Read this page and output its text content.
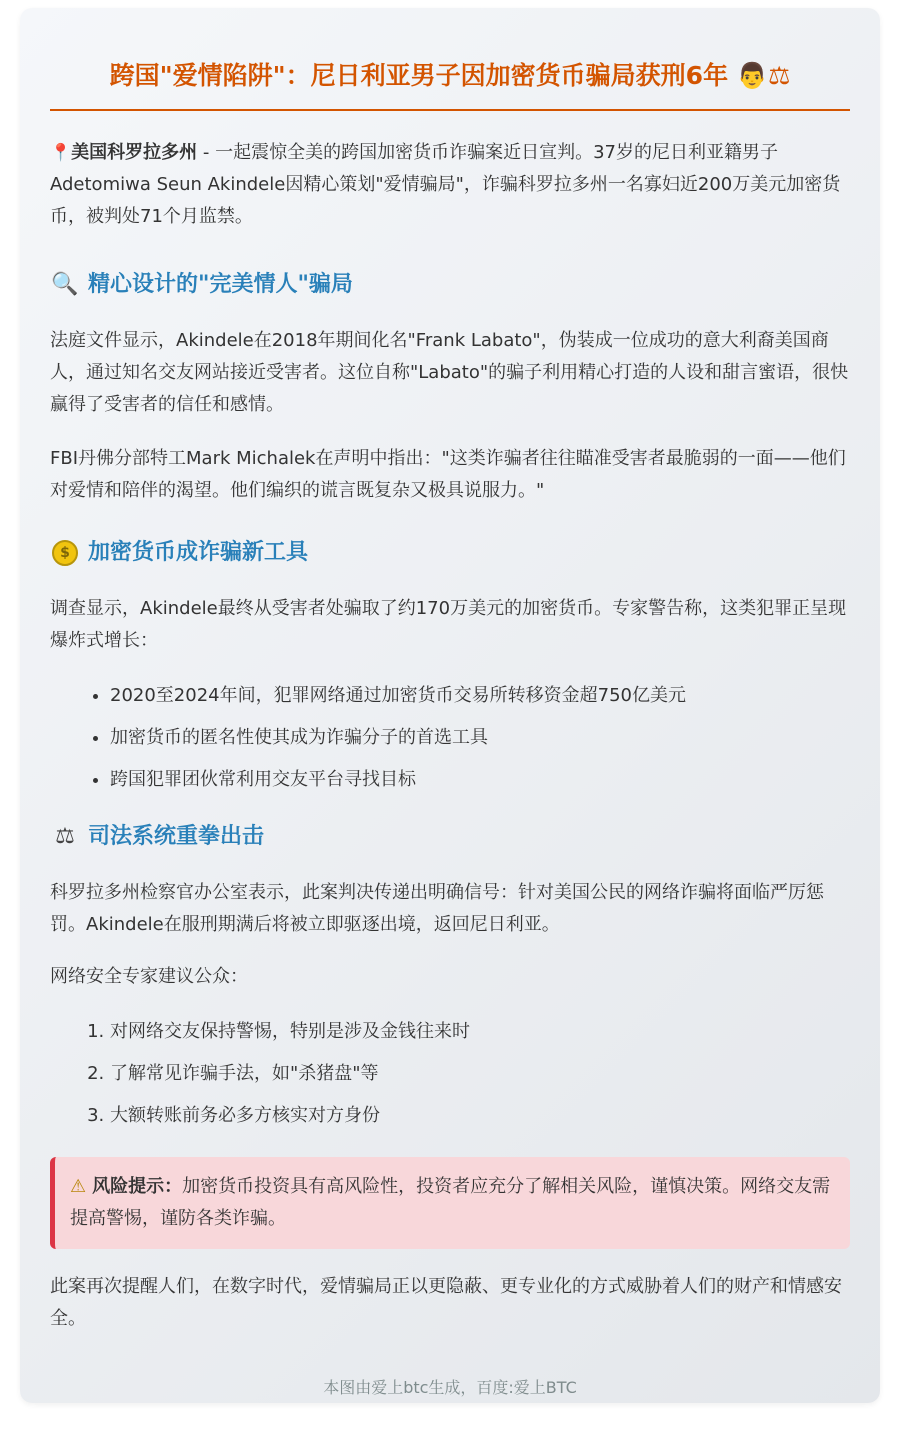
跨国"爱情陷阱"：尼日利亚男子因加密货币骗局获刑6年 👨⚖

📍美国科罗拉多州 - 一起震惊全美的跨国加密货币诈骗案近日宣判。37岁的尼日利亚籍男子Adetomiwa Seun Akindele因精心策划"爱情骗局"，诈骗科罗拉多州一名寡妇近200万美元加密货币，被判处71个月监禁。

🔍 精心设计的"完美情人"骗局

法庭文件显示，Akindele在2018年期间化名"Frank Labato"，伪装成一位成功的意大利裔美国商人，通过知名交友网站接近受害者。这位自称"Labato"的骗子利用精心打造的人设和甜言蜜语，很快赢得了受害者的信任和感情。

FBI丹佛分部特工Mark Michalek在声明中指出："这类诈骗者往往瞄准受害者最脆弱的一面——他们对爱情和陪伴的渴望。他们编织的谎言既复杂又极具说服力。"

$ 加密货币成诈骗新工具

调查显示，Akindele最终从受害者处骗取了约170万美元的加密货币。专家警告称，这类犯罪正呈现爆炸式增长：

• 2020至2024年间，犯罪网络通过加密货币交易所转移资金超750亿美元
• 加密货币的匿名性使其成为诈骗分子的首选工具
• 跨国犯罪团伙常利用交友平台寻找目标
⚖ 司法系统重拳出击

科罗拉多州检察官办公室表示，此案判决传递出明确信号：针对美国公民的网络诈骗将面临严厉惩罚。Akindele在服刑期满后将被立即驱逐出境，返回尼日利亚。

网络安全专家建议公众：

1. 对网络交友保持警惕，特别是涉及金钱往来时
2. 了解常见诈骗手法，如"杀猪盘"等
3. 大额转账前务必多方核实对方身份
⚠ 风险提示：加密货币投资具有高风险性，投资者应充分了解相关风险，谨慎决策。网络交友需提高警惕，谨防各类诈骗。

此案再次提醒人们，在数字时代，爱情骗局正以更隐蔽、更专业化的方式威胁着人们的财产和情感安全。

本图由爱上btc生成，百度:爱上BTC
